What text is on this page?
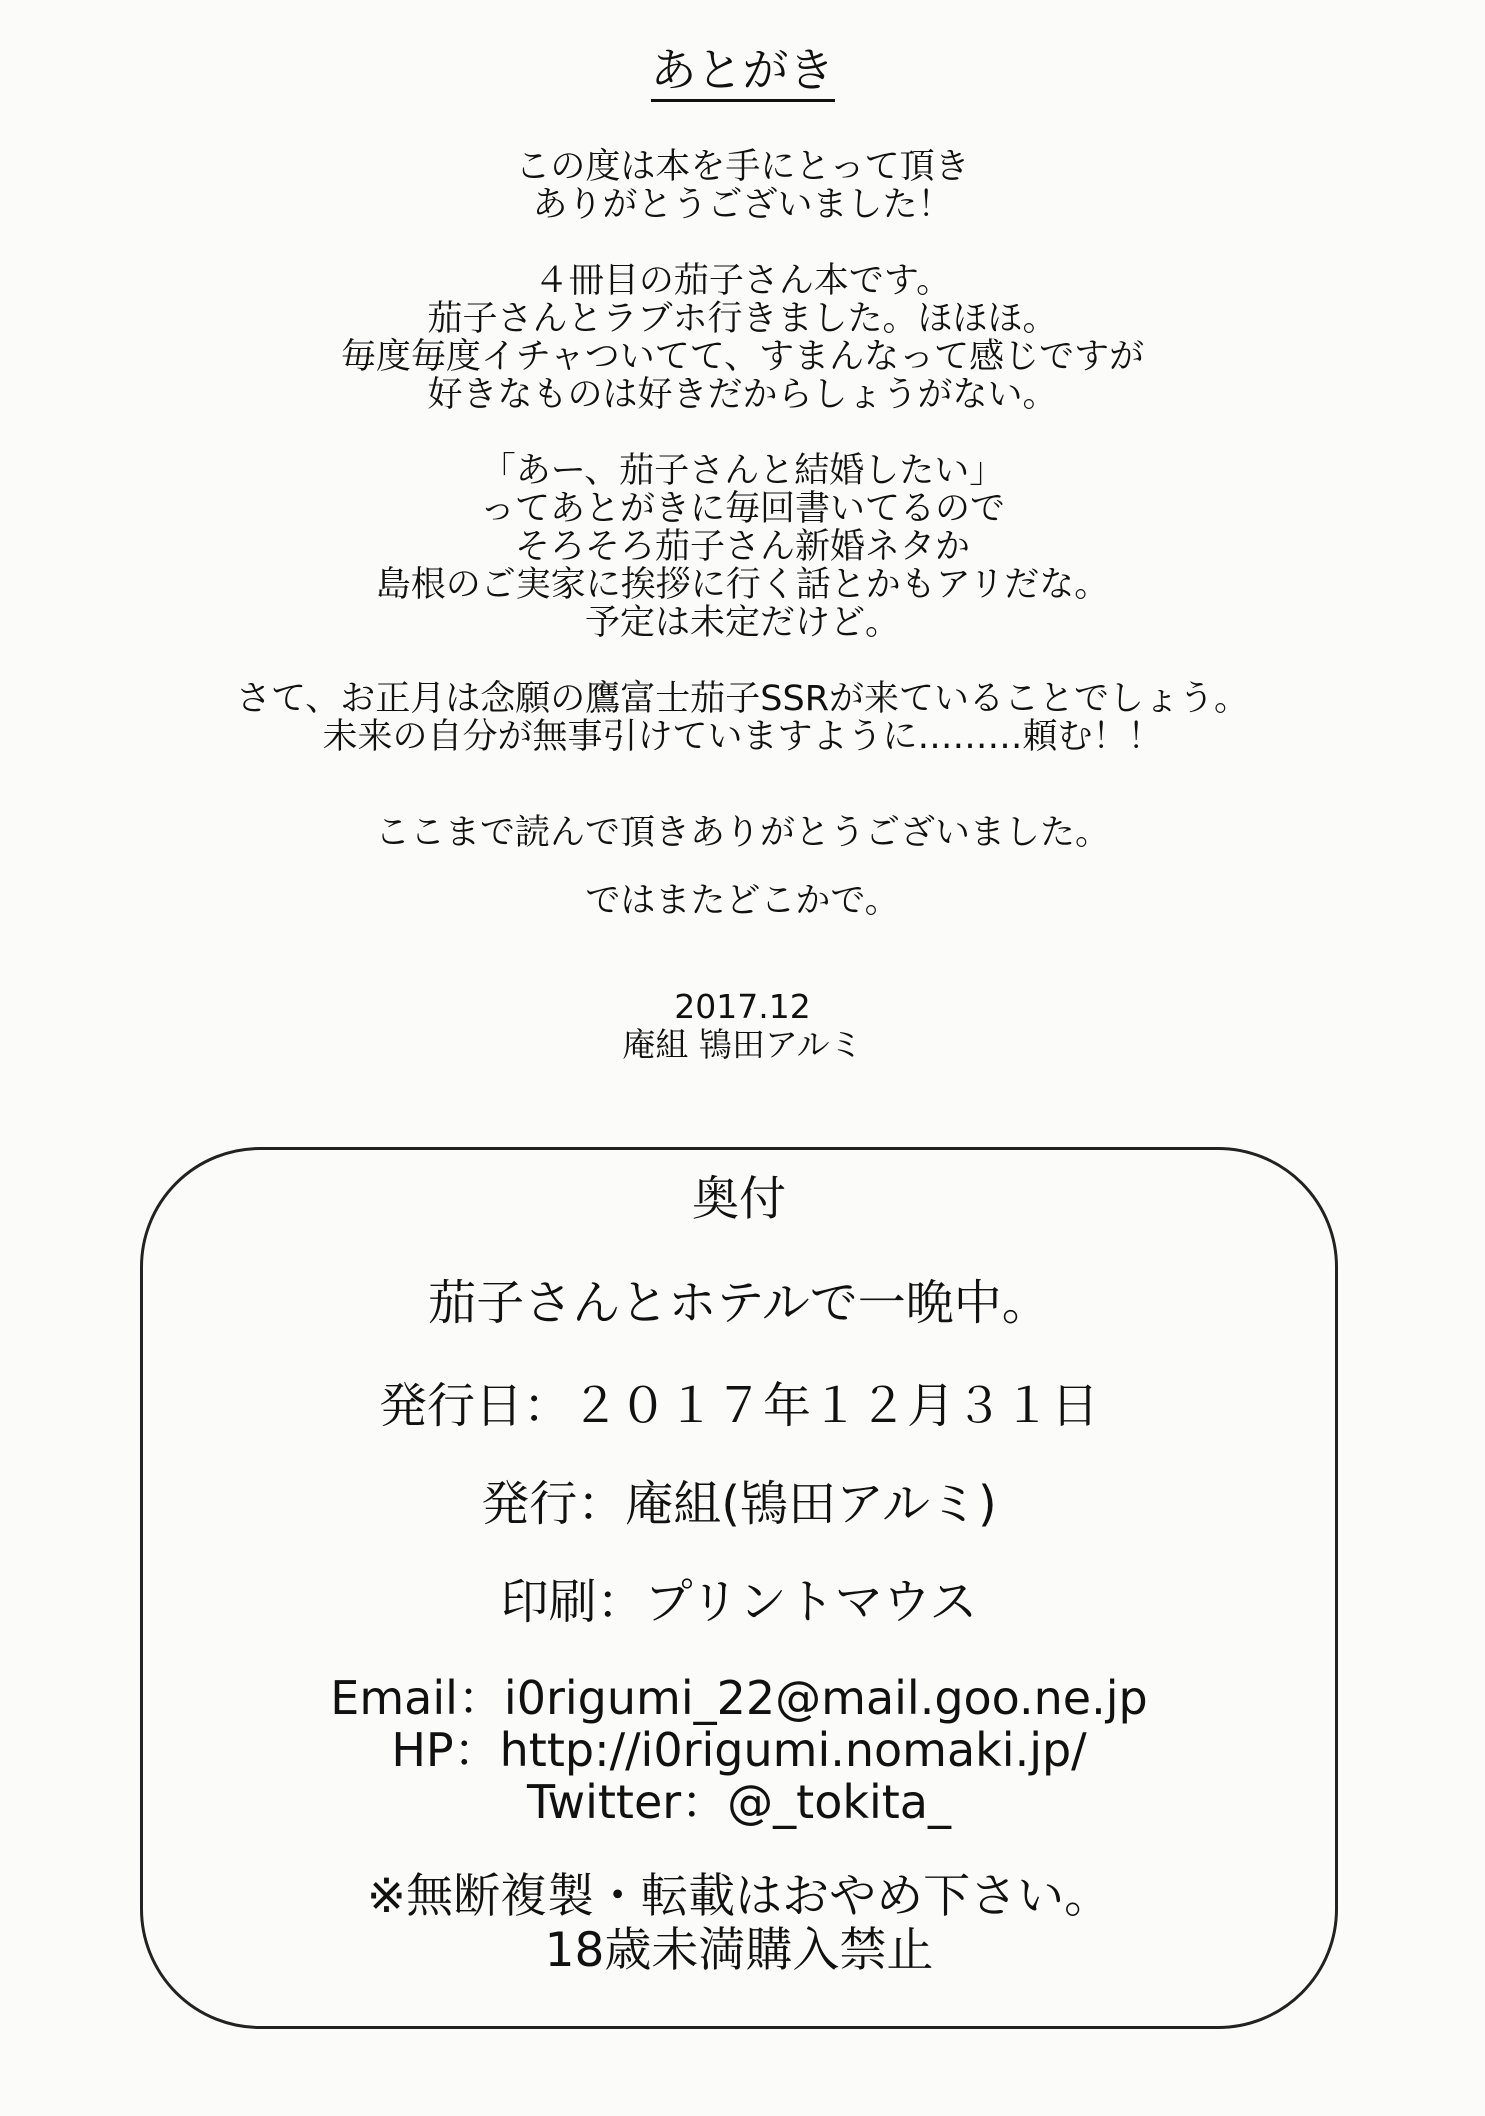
あとがき
この度は本を手にとって頂き
ありがとうございました！
４冊目の茄子さん本です。
茄子さんとラブホ行きました。ほほほ。
毎度毎度イチャついてて、すまんなって感じですが
好きなものは好きだからしょうがない。
「あー、茄子さんと結婚したい」
ってあとがきに毎回書いてるので
そろそろ茄子さん新婚ネタか
島根のご実家に挨拶に行く話とかもアリだな。
予定は未定だけど。
さて、お正月は念願の鷹富士茄子SSRが来ていることでしょう。
未来の自分が無事引けていますように………頼む！！
ここまで読んで頂きありがとうございました。
ではまたどこかで。
2017.12
庵組 鴇田アルミ
奥付
茄子さんとホテルで一晩中。
発行日：２０１７年１２月３１日
発行：庵組(鴇田アルミ)
印刷：プリントマウス
Email：i0rigumi_22@mail.goo.ne.jp
HP：http://i0rigumi.nomaki.jp/
Twitter：@_tokita_
※無断複製・転載はおやめ下さい。
18歳未満購入禁止
